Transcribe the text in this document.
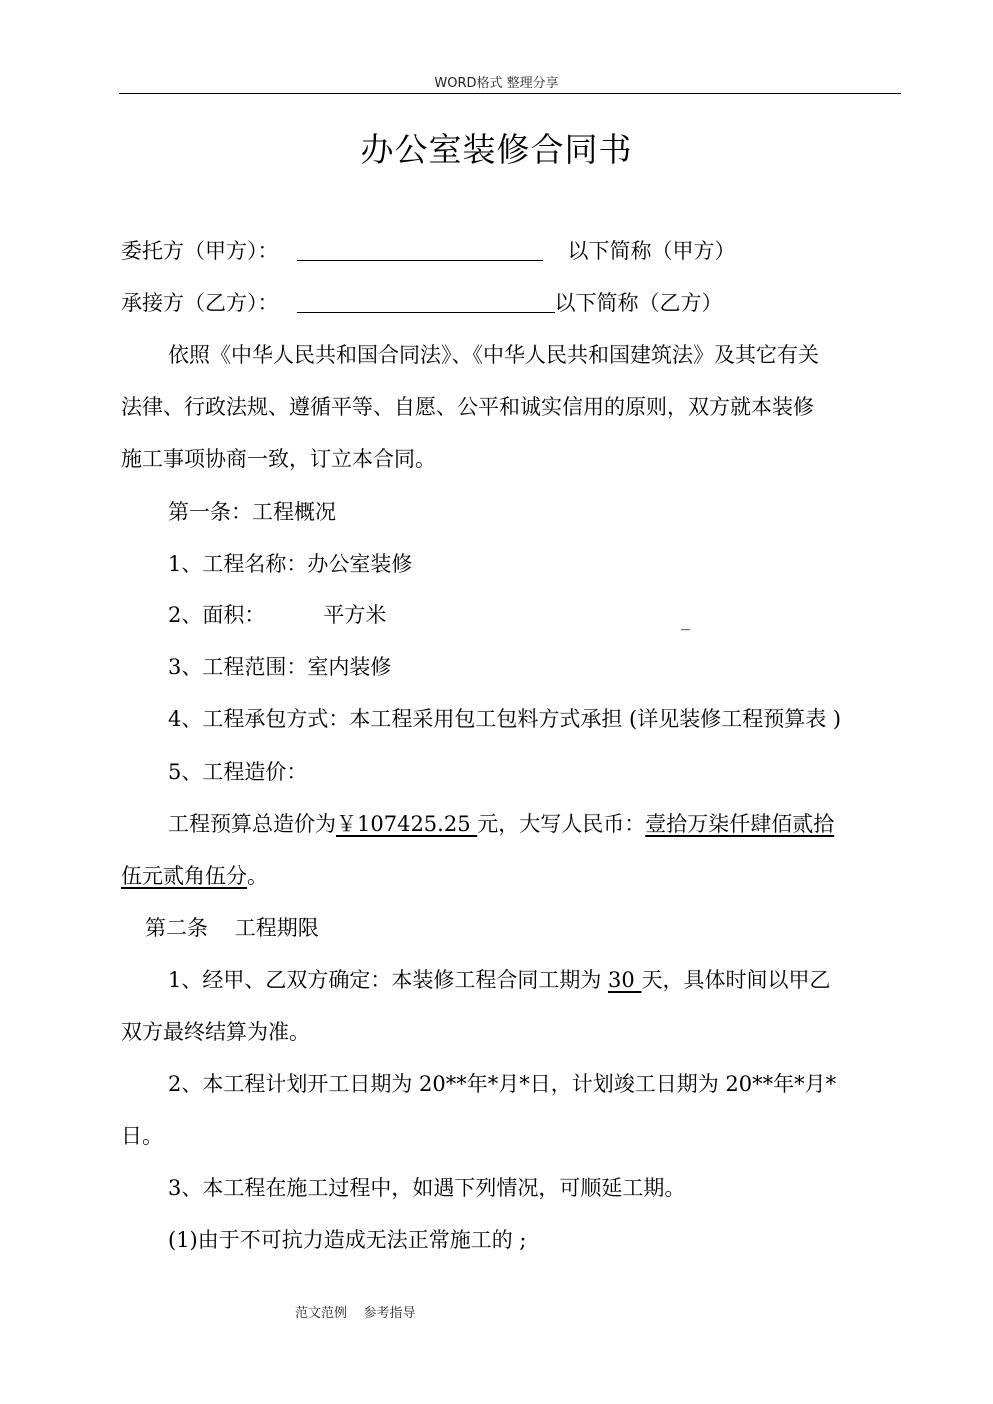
WORD格式 整理分享
办公室装修合同书
委托方（甲方）：	以下简称（甲方）
承接方（乙方）：	以下简称（乙方）
依照《中华人民共和国合同法》、《中华人民共和国建筑法》及其它有关
法律、行政法规、遵循平等、自愿、公平和诚实信用的原则，双方就本装修
施工事项协商一致，订立本合同。
第一条：工程概况
1、工程名称：办公室装修
2、面积：	平方米	_
3、工程范围：室内装修
4、工程承包方式：本工程采用包工包料方式承担 (详见装修工程预算表 )
5、工程造价：
工程预算总造价为￥107425.25 元，大写人民币：壹拾万柒仟肆佰贰拾
伍元贰角伍分。
第二条    工程期限
1、经甲、乙双方确定：本装修工程合同工期为 30 天，具体时间以甲乙
双方最终结算为准。
2、本工程计划开工日期为 20**年*月*日，计划竣工日期为 20**年*月*
日。
3、本工程在施工过程中，如遇下列情况，可顺延工期。
(1)由于不可抗力造成无法正常施工的 ;
范文范例    参考指导
